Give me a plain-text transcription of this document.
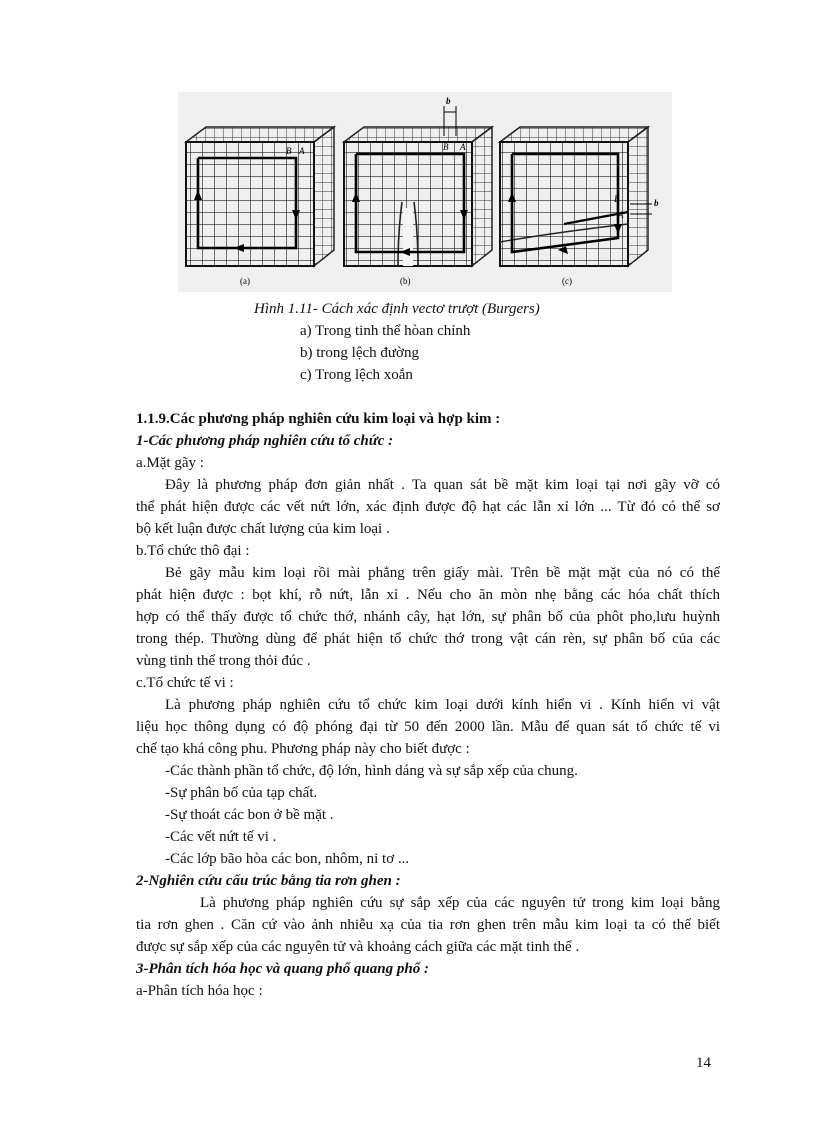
B A
(a)
b
B A
(b)
B
A
b
(c)
Hình 1.11- Cách xác định vectơ trượt (Burgers)
a) Trong tinh thể hòan chỉnh
b) trong lệch đường
c) Trong lệch xoắn
1.1.9.Các phương pháp nghiên cứu kim loại và hợp kim :
1-Các phương pháp nghiên cứu tổ chức :
a.Mặt gãy :
Đây là phương pháp đơn giản nhất . Ta quan sát bề mặt kim loại tại nơi gãy vỡ có
thể phát hiện được các vết nứt lớn, xác định được độ hạt các lẫn xỉ lớn ... Từ đó có thể sơ
bộ kết luận được chất lượng của kim loại .
b.Tổ chức thô đại :
Bẻ gãy mẫu kim loại rồi mài phẳng trên giấy mài. Trên bề mặt mặt của nó có thể
phát hiện được : bọt khí, rỗ nứt, lẫn xỉ . Nếu cho ăn mòn nhẹ bằng các hóa chất thích
hợp có thể thấy được tổ chức thớ, nhánh cây, hạt lớn, sự phân bố của phôt pho,lưu huỳnh
trong thép. Thường dùng để phát hiện tổ chức thớ trong vật cán rèn, sự phân bố của các
vùng tinh thể trong thỏi đúc .
c.Tổ chức tế vi :
Là phương pháp nghiên cứu tổ chức kim loại dưới kính hiển vi . Kính hiển vi vật
liệu học thông dụng có độ phóng đại từ 50 đến 2000 lần. Mẫu để quan sát tổ chức tế vi
chế tạo khá công phu. Phương pháp này cho biết được :
-Các thành phần tổ chức, độ lớn, hình dáng và sự sắp xếp của chung.
-Sự phân bố của tạp chất.
-Sự thoát các bon ở bề mặt .
-Các vết nứt tế vi .
-Các lớp bão hòa các bon, nhôm, ni tơ ...
2-Nghiên cứu cấu trúc bằng tia rơn ghen :
Là phương pháp nghiên cứu sự sắp xếp của các nguyên tử trong kim loại bằng
tia rơn ghen . Căn cứ vào ảnh nhiễu xạ của tia rơn ghen trên mẫu kim loại ta có thể biết
được sự sắp xếp của các nguyên tử và khoảng cách giữa các mặt tinh thể .
3-Phân tích hóa học và quang phổ quang phổ :
a-Phân tích hóa học :
14
